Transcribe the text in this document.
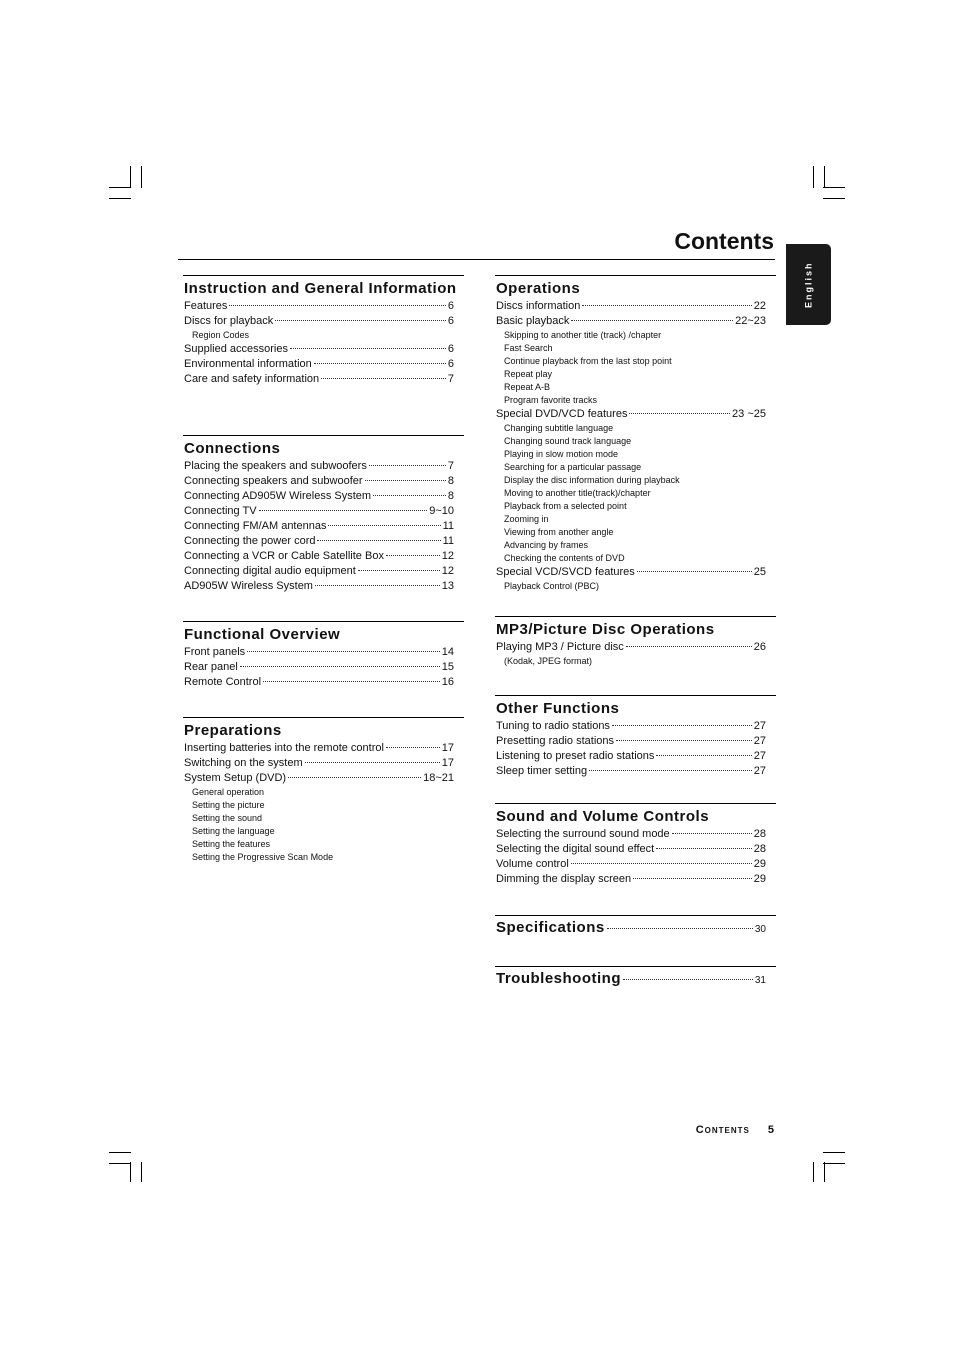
Contents
English
Instruction and General Information
Features	6
Discs for playback	6
Region Codes
Supplied accessories	6
Environmental information	6
Care and safety information	7
Connections
Placing the speakers and subwoofers	7
Connecting speakers and subwoofer	8
Connecting AD905W Wireless System	8
Connecting TV	9~10
Connecting FM/AM antennas	11
Connecting the power cord	11
Connecting a VCR or Cable Satellite Box	12
Connecting digital audio equipment	12
AD905W Wireless System	13
Functional Overview
Front panels	14
Rear panel	15
Remote Control	16
Preparations
Inserting batteries into the remote control	17
Switching on the system	17
System Setup (DVD)	18~21
General operation
Setting the picture
Setting the sound
Setting the language
Setting the features
Setting the Progressive Scan Mode
Operations
Discs information	22
Basic playback	22~23
Skipping to another title (track) /chapter
Fast Search
Continue playback from the last stop point
Repeat play
Repeat A-B
Program favorite tracks
Special DVD/VCD features	23 ~25
Changing subtitle language
Changing sound track language
Playing in slow motion mode
Searching for a particular passage
Display the disc information during playback
Moving to another title(track)/chapter
Playback from a selected point
Zooming in
Viewing from another angle
Advancing by frames
Checking the contents of DVD
Special VCD/SVCD features	25
Playback Control (PBC)
MP3/Picture Disc Operations
Playing MP3 / Picture disc	26
(Kodak, JPEG format)
Other Functions
Tuning to radio stations	27
Presetting radio stations	27
Listening to preset radio stations	27
Sleep timer setting	27
Sound and Volume Controls
Selecting the surround sound mode	28
Selecting the digital sound effect	28
Volume control	29
Dimming the display screen	29
Specifications	30
Troubleshooting	31
Contents 5
